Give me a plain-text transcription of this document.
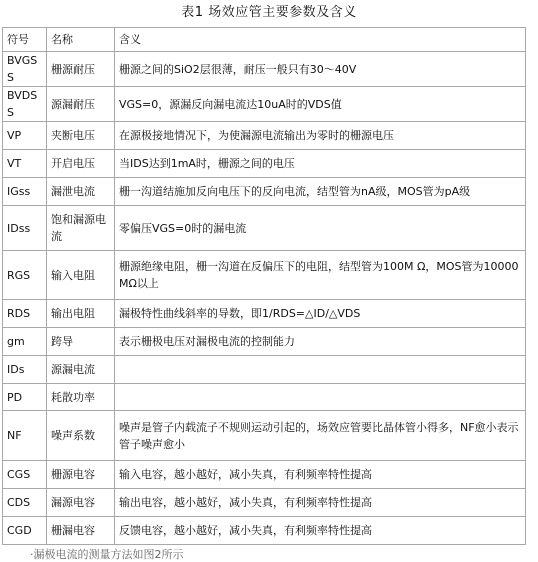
表1 场效应管主要参数及含义
符号	名称	含义
BVGSS	栅源耐压	栅源之间的SiO2层很薄，耐压一般只有30～40V
BVDSS	源漏耐压	VGS=0，源漏反向漏电流达10uA时的VDS值
VP	夹断电压	在源极接地情况下，为使漏源电流输出为零时的栅源电压
VT	开启电压	当IDS达到1mA时，栅源之间的电压
IGss	漏泄电流	栅一沟道结施加反向电压下的反向电流，结型管为nA级，MOS管为pA级
IDss	饱和漏源电流	零偏压VGS=0时的漏电流
RGS	输入电阻	栅源绝缘电阻，栅一沟道在反偏压下的电阻，结型管为100M Ω，MOS管为10000MΩ以上
RDS	输出电阻	漏极特性曲线斜率的导数，即1/RDS=△ID/△VDS
gm	跨导	表示栅极电压对漏极电流的控制能力
IDs	源漏电流	
PD	耗散功率	
NF	噪声系数	噪声是管子内载流子不规则运动引起的，场效应管要比晶体管小得多，NF愈小表示管子噪声愈小
CGS	栅源电容	输入电容，越小越好，减小失真，有利频率特性提高
CDS	漏源电容	输出电容，越小越好，减小失真，有利频率特性提高
CGD	栅漏电容	反馈电容，越小越好，减小失真，有利频率特性提高
·漏极电流的测量方法如图2所示
